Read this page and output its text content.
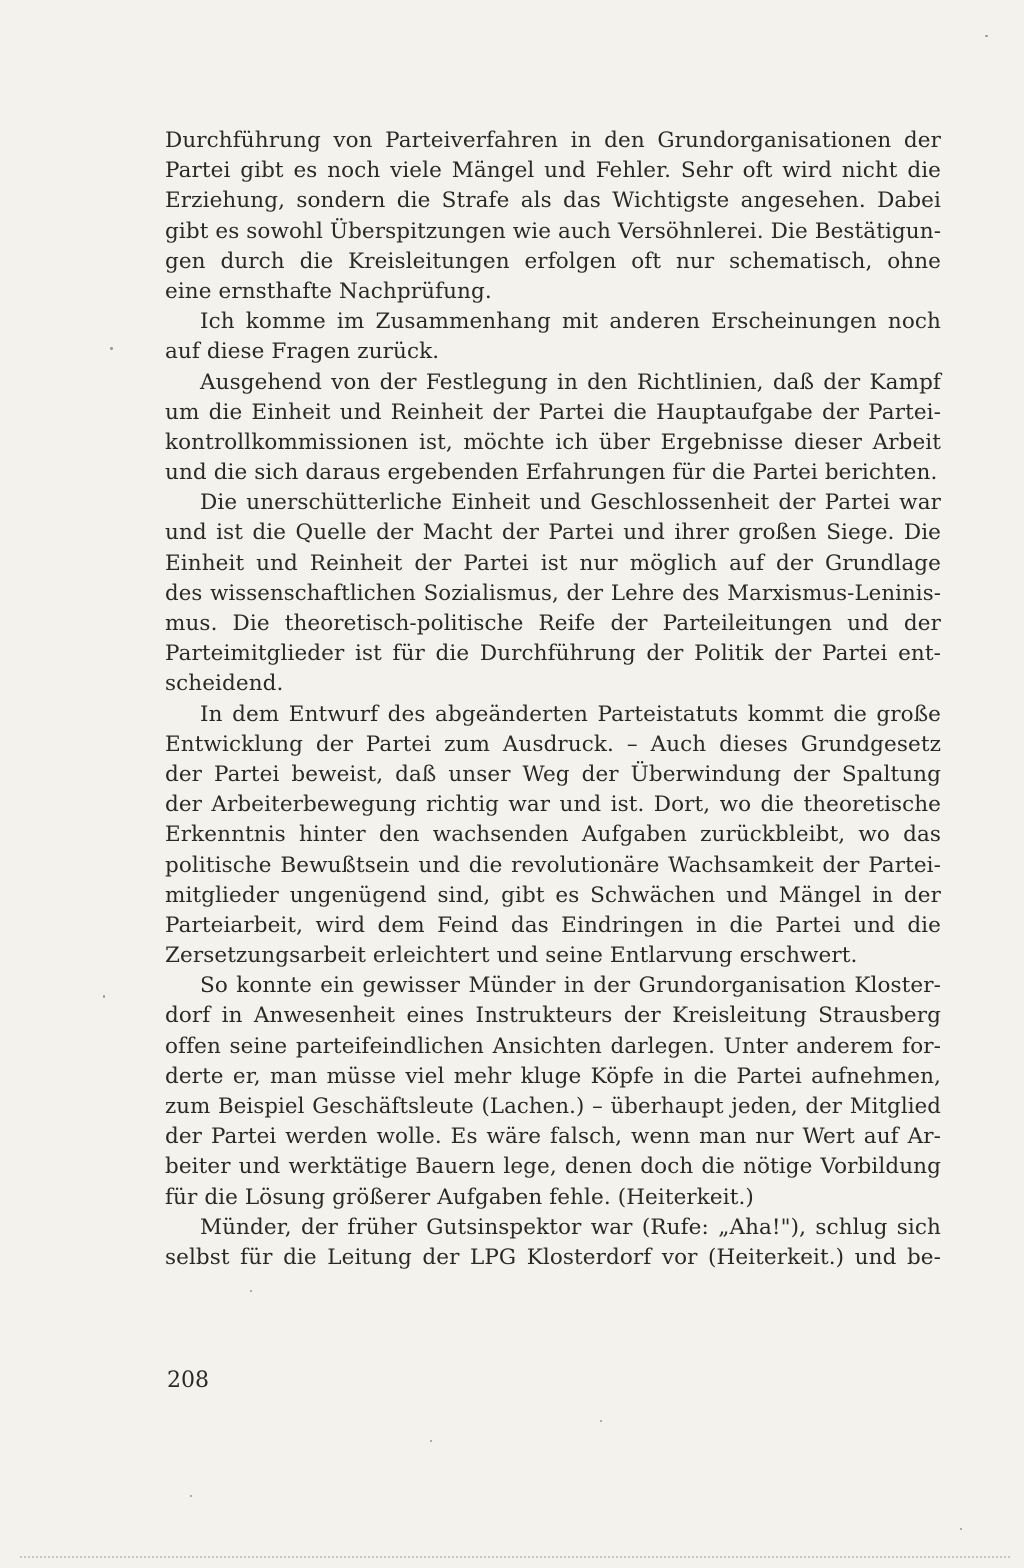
Durchführung von Parteiverfahren in den Grundorganisationen der
Partei gibt es noch viele Mängel und Fehler. Sehr oft wird nicht die
Erziehung, sondern die Strafe als das Wichtigste angesehen. Dabei
gibt es sowohl Überspitzungen wie auch Versöhnlerei. Die Bestätigun-
gen durch die Kreisleitungen erfolgen oft nur schematisch, ohne
eine ernsthafte Nachprüfung.
Ich komme im Zusammenhang mit anderen Erscheinungen noch
auf diese Fragen zurück.
Ausgehend von der Festlegung in den Richtlinien, daß der Kampf
um die Einheit und Reinheit der Partei die Hauptaufgabe der Partei-
kontrollkommissionen ist, möchte ich über Ergebnisse dieser Arbeit
und die sich daraus ergebenden Erfahrungen für die Partei berichten.
Die unerschütterliche Einheit und Geschlossenheit der Partei war
und ist die Quelle der Macht der Partei und ihrer großen Siege. Die
Einheit und Reinheit der Partei ist nur möglich auf der Grundlage
des wissenschaftlichen Sozialismus, der Lehre des Marxismus-Leninis-
mus. Die theoretisch-politische Reife der Parteileitungen und der
Parteimitglieder ist für die Durchführung der Politik der Partei ent-
scheidend.
In dem Entwurf des abgeänderten Parteistatuts kommt die große
Entwicklung der Partei zum Ausdruck. – Auch dieses Grundgesetz
der Partei beweist, daß unser Weg der Überwindung der Spaltung
der Arbeiterbewegung richtig war und ist. Dort, wo die theoretische
Erkenntnis hinter den wachsenden Aufgaben zurückbleibt, wo das
politische Bewußtsein und die revolutionäre Wachsamkeit der Partei-
mitglieder ungenügend sind, gibt es Schwächen und Mängel in der
Parteiarbeit, wird dem Feind das Eindringen in die Partei und die
Zersetzungsarbeit erleichtert und seine Entlarvung erschwert.
So konnte ein gewisser Münder in der Grundorganisation Kloster-
dorf in Anwesenheit eines Instrukteurs der Kreisleitung Strausberg
offen seine parteifeindlichen Ansichten darlegen. Unter anderem for-
derte er, man müsse viel mehr kluge Köpfe in die Partei aufnehmen,
zum Beispiel Geschäftsleute (Lachen.) – überhaupt jeden, der Mitglied
der Partei werden wolle. Es wäre falsch, wenn man nur Wert auf Ar-
beiter und werktätige Bauern lege, denen doch die nötige Vorbildung
für die Lösung größerer Aufgaben fehle. (Heiterkeit.)
Münder, der früher Gutsinspektor war (Rufe: „Aha!"), schlug sich
selbst für die Leitung der LPG Klosterdorf vor (Heiterkeit.) und be-
208
